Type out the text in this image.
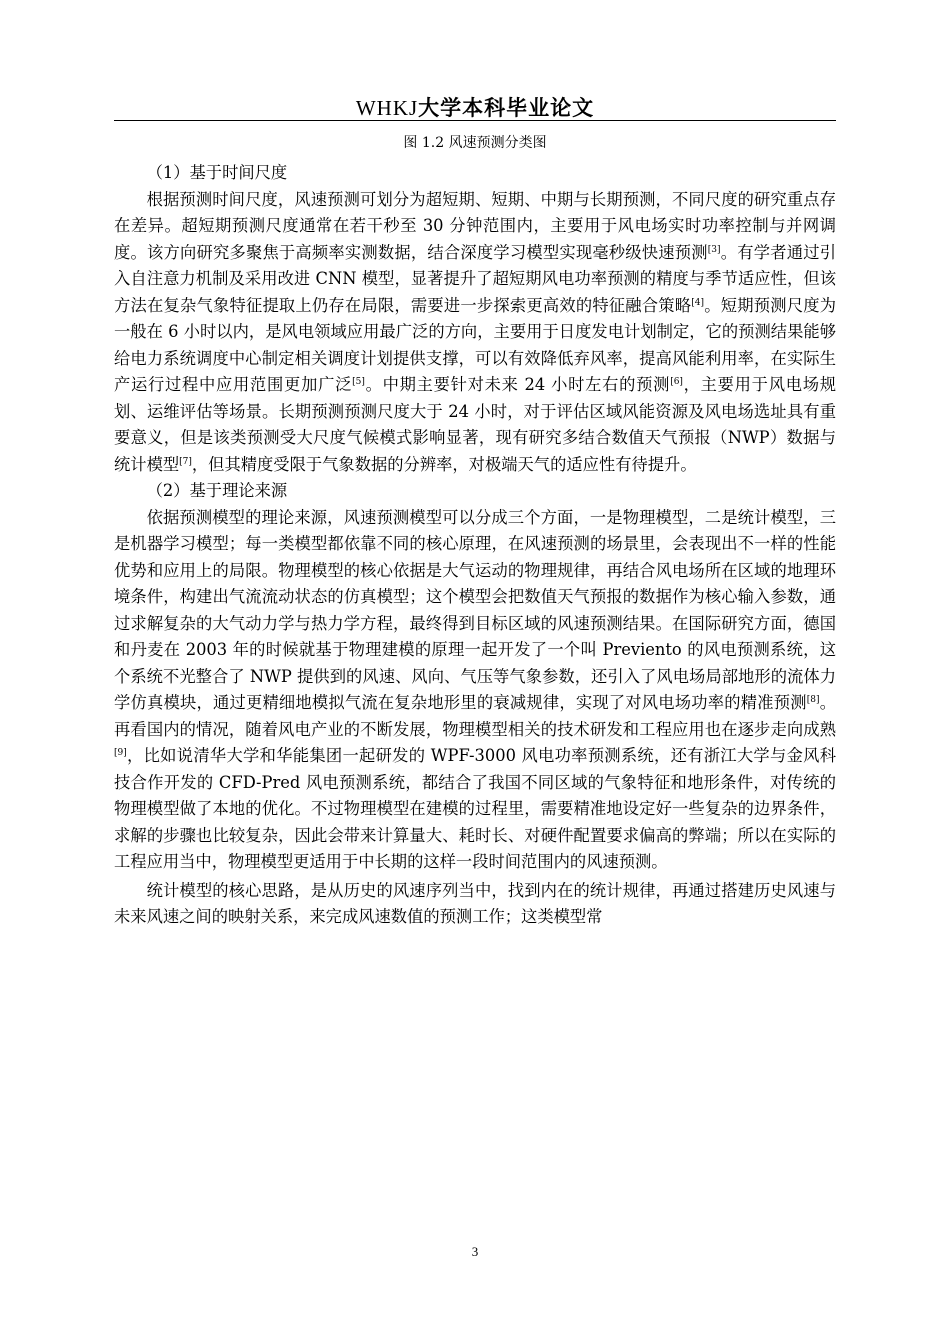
WHKJ大学本科毕业论文
图 1.2 风速预测分类图

（1）基于时间尺度

根据预测时间尺度，风速预测可划分为超短期、短期、中期与长期预测，不同尺度的研究重点存在差异。超短期预测尺度通常在若干秒至 30 分钟范围内，主要用于风电场实时功率控制与并网调度。该方向研究多聚焦于高频率实测数据，结合深度学习模型实现毫秒级快速预测[3]。有学者通过引入自注意力机制及采用改进 CNN 模型，显著提升了超短期风电功率预测的精度与季节适应性，但该方法在复杂气象特征提取上仍存在局限，需要进一步探索更高效的特征融合策略[4]。短期预测尺度为一般在 6 小时以内，是风电领域应用最广泛的方向，主要用于日度发电计划制定，它的预测结果能够给电力系统调度中心制定相关调度计划提供支撑，可以有效降低弃风率，提高风能利用率，在实际生产运行过程中应用范围更加广泛[5]。中期主要针对未来 24 小时左右的预测[6]，主要用于风电场规划、运维评估等场景。长期预测预测尺度大于 24 小时，对于评估区域风能资源及风电场选址具有重要意义，但是该类预测受大尺度气候模式影响显著，现有研究多结合数值天气预报（NWP）数据与统计模型[7]，但其精度受限于气象数据的分辨率，对极端天气的适应性有待提升。

（2）基于理论来源

依据预测模型的理论来源，风速预测模型可以分成三个方面，一是物理模型，二是统计模型，三是机器学习模型；每一类模型都依靠不同的核心原理，在风速预测的场景里，会表现出不一样的性能优势和应用上的局限。物理模型的核心依据是大气运动的物理规律，再结合风电场所在区域的地理环境条件，构建出气流流动状态的仿真模型；这个模型会把数值天气预报的数据作为核心输入参数，通过求解复杂的大气动力学与热力学方程，最终得到目标区域的风速预测结果。在国际研究方面，德国和丹麦在 2003 年的时候就基于物理建模的原理一起开发了一个叫 Previento 的风电预测系统，这个系统不光整合了 NWP 提供到的风速、风向、气压等气象参数，还引入了风电场局部地形的流体力学仿真模块，通过更精细地模拟气流在复杂地形里的衰减规律，实现了对风电场功率的精准预测[8]。再看国内的情况，随着风电产业的不断发展，物理模型相关的技术研发和工程应用也在逐步走向成熟[9]，比如说清华大学和华能集团一起研发的 WPF-3000 风电功率预测系统，还有浙江大学与金风科技合作开发的 CFD-Pred 风电预测系统，都结合了我国不同区域的气象特征和地形条件，对传统的物理模型做了本地的优化。不过物理模型在建模的过程里，需要精准地设定好一些复杂的边界条件，求解的步骤也比较复杂，因此会带来计算量大、耗时长、对硬件配置要求偏高的弊端；所以在实际的工程应用当中，物理模型更适用于中长期的这样一段时间范围内的风速预测。

统计模型的核心思路，是从历史的风速序列当中，找到内在的统计规律，再通过搭建历史风速与未来风速之间的映射关系，来完成风速数值的预测工作；这类模型常

3
